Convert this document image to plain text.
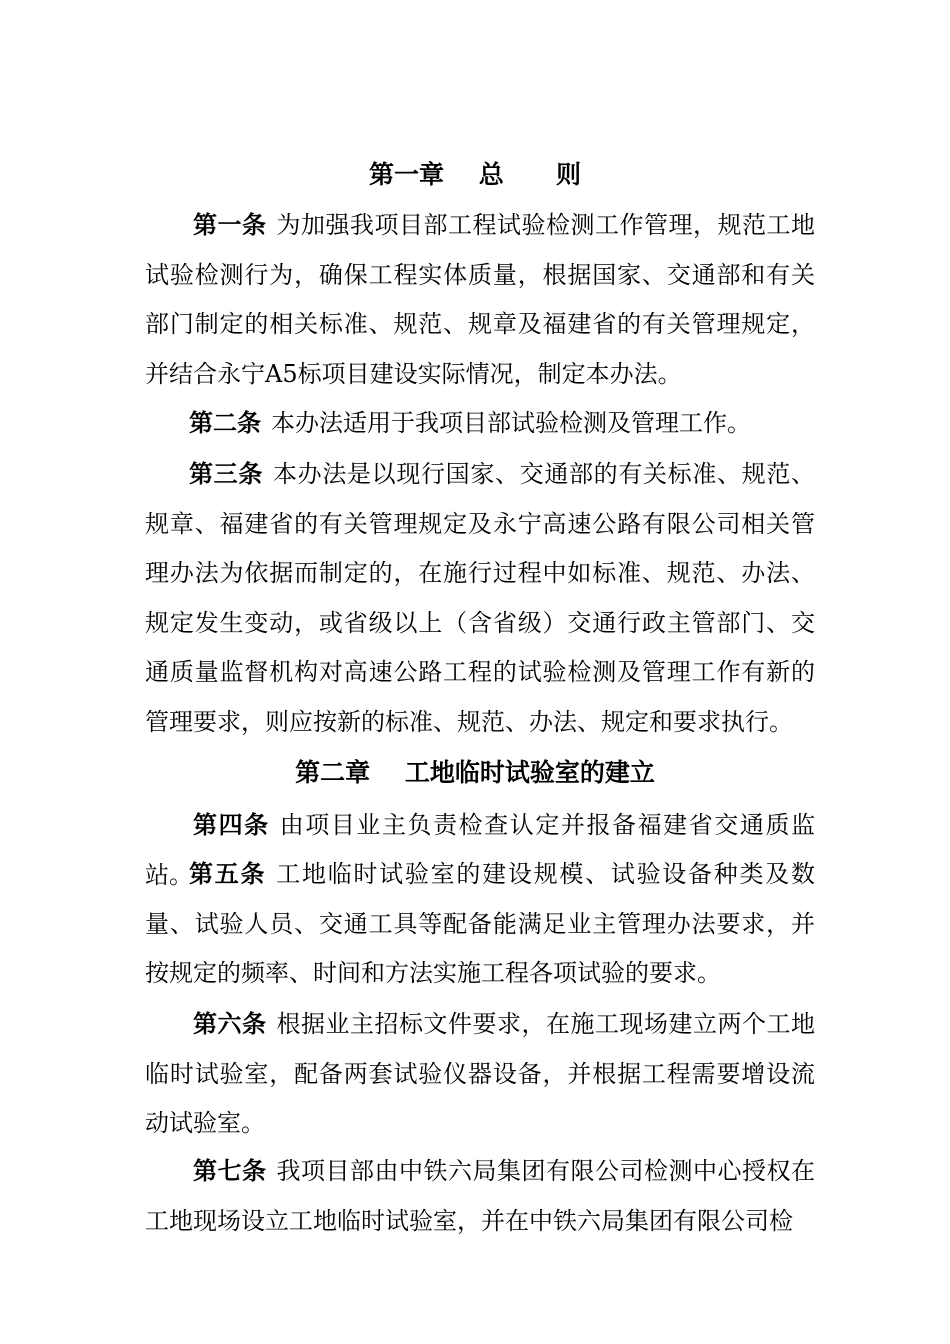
第一章    总      则
第一条 为加强我项目部工程试验检测工作管理，规范工地试验检测行为，确保工程实体质量，根据国家、交通部和有关部门制定的相关标准、规范、规章及福建省的有关管理规定，并结合永宁A5标项目建设实际情况，制定本办法。
第二条 本办法适用于我项目部试验检测及管理工作。
第三条 本办法是以现行国家、交通部的有关标准、规范、规章、福建省的有关管理规定及永宁高速公路有限公司相关管理办法为依据而制定的，在施行过程中如标准、规范、办法、规定发生变动，或省级以上（含省级）交通行政主管部门、交通质量监督机构对高速公路工程的试验检测及管理工作有新的管理要求，则应按新的标准、规范、办法、规定和要求执行。
第二章    工地临时试验室的建立
第四条 由项目业主负责检查认定并报备福建省交通质监站。
第五条 工地临时试验室的建设规模、试验设备种类及数量、试验人员、交通工具等配备能满足业主管理办法要求，并按规定的频率、时间和方法实施工程各项试验的要求。
第六条 根据业主招标文件要求，在施工现场建立两个工地临时试验室，配备两套试验仪器设备，并根据工程需要增设流动试验室。
第七条 我项目部由中铁六局集团有限公司检测中心授权在工地现场设立工地临时试验室，并在中铁六局集团有限公司检
